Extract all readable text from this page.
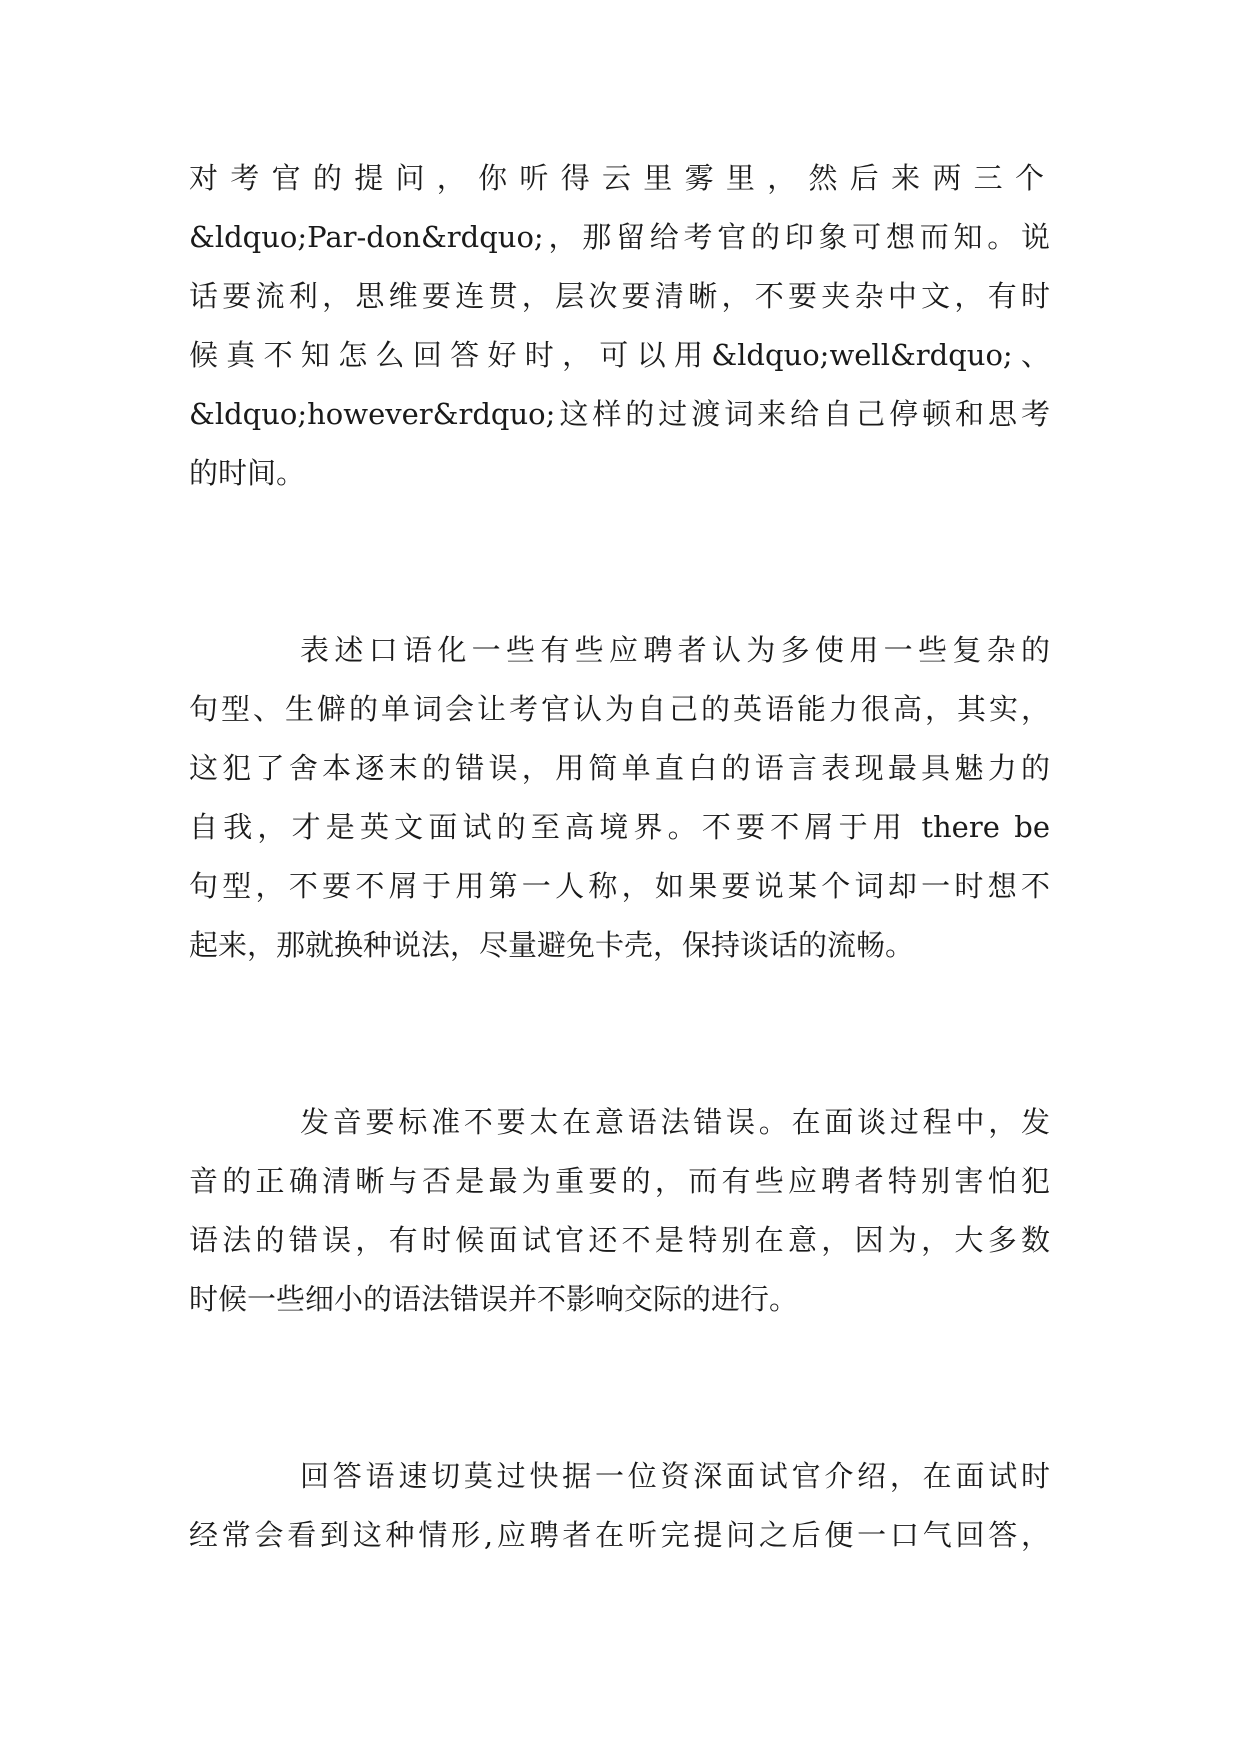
对考官的提问，你听得云里雾里，然后来两三个
&ldquo;Par-don&rdquo;，那留给考官的印象可想而知。说
话要流利，思维要连贯，层次要清晰，不要夹杂中文，有时
候真不知怎么回答好时，可以用&ldquo;well&rdquo;、
&ldquo;however&rdquo;这样的过渡词来给自己停顿和思考
的时间。
表述口语化一些有些应聘者认为多使用一些复杂的
句型、生僻的单词会让考官认为自己的英语能力很高，其实，
这犯了舍本逐末的错误，用简单直白的语言表现最具魅力的
自我，才是英文面试的至高境界。不要不屑于用 there be
句型，不要不屑于用第一人称，如果要说某个词却一时想不
起来，那就换种说法，尽量避免卡壳，保持谈话的流畅。
发音要标准不要太在意语法错误。在面谈过程中，发
音的正确清晰与否是最为重要的，而有些应聘者特别害怕犯
语法的错误，有时候面试官还不是特别在意，因为，大多数
时候一些细小的语法错误并不影响交际的进行。
回答语速切莫过快据一位资深面试官介绍，在面试时
经常会看到这种情形,应聘者在听完提问之后便一口气回答，
